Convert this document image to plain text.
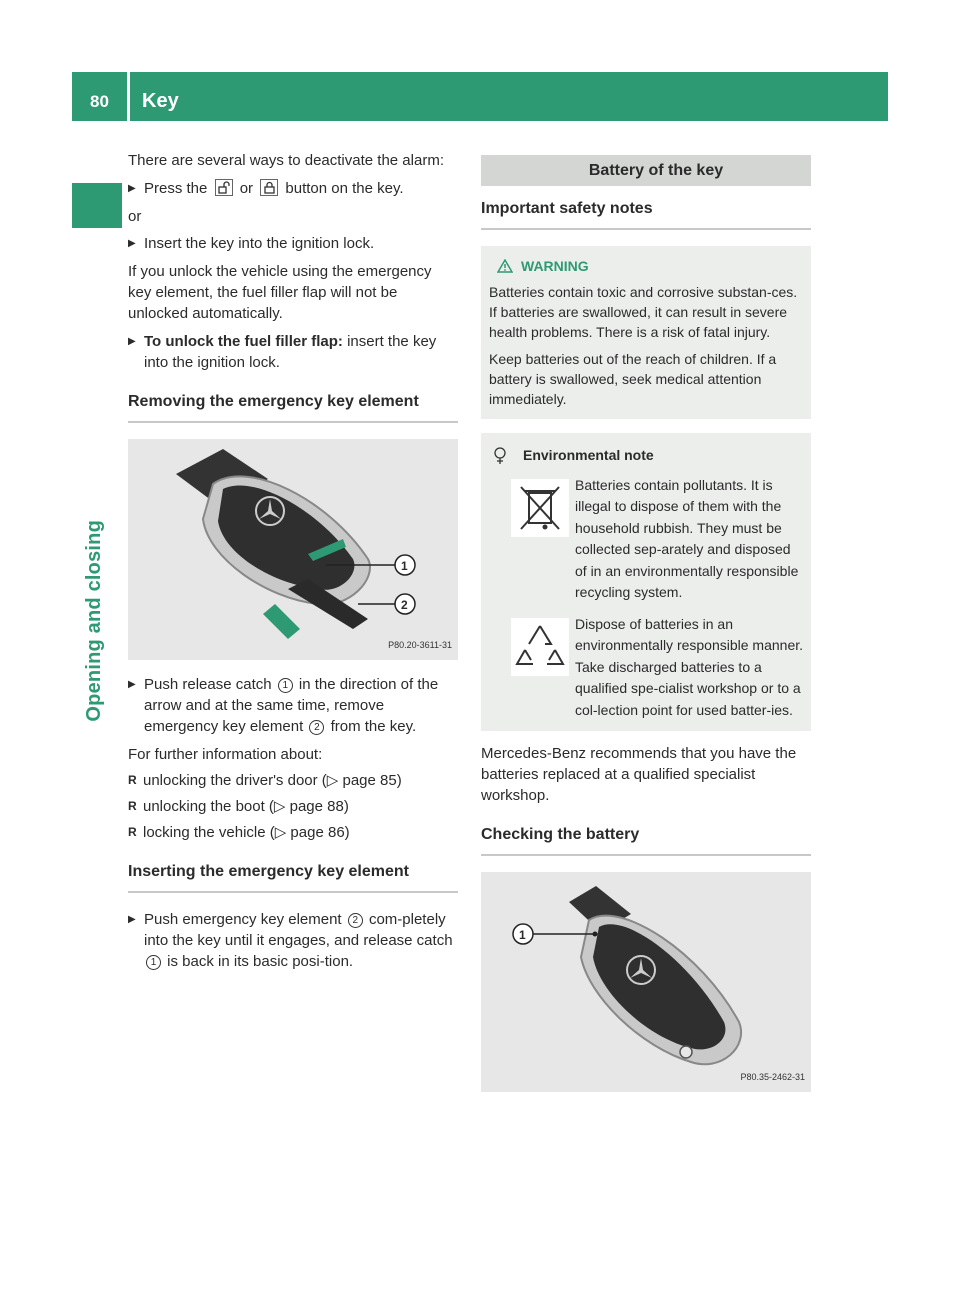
80	Key
Opening and closing

There are several ways to deactivate the alarm:

▶ Press the or button on the key.

or

▶ Insert the key into the ignition lock.

If you unlock the vehicle using the emergency key element, the fuel filler flap will not be unlocked automatically.

▶ To unlock the fuel filler flap: insert the key into the ignition lock.
Removing the emergency key element
1
2
P80.20-3611-31
▶ Push release catch 1 in the direction of the arrow and at the same time, remove emergency key element 2 from the key.

For further information about:

R unlocking the driver's door (▷ page 85)
R unlocking the boot (▷ page 88)
R locking the vehicle (▷ page 86)
Inserting the emergency key element
▶ Push emergency key element 2 com-pletely into the key until it engages, and release catch 1 is back in its basic posi-tion.
Battery of the key
Important safety notes
WARNING

Batteries contain toxic and corrosive substan-ces. If batteries are swallowed, it can result in severe health problems. There is a risk of fatal injury.

Keep batteries out of the reach of children. If a battery is swallowed, seek medical attention immediately.

Environmental note
Batteries contain pollutants. It is illegal to dispose of them with the household rubbish. They must be collected sep-arately and disposed of in an environmentally responsible recycling system.
Dispose of batteries in an environmentally responsible manner. Take discharged batteries to a qualified spe-cialist workshop or to a col-lection point for used batter-ies.

Mercedes-Benz recommends that you have the batteries replaced at a qualified specialist workshop.

Checking the battery
1
P80.35-2462-31
